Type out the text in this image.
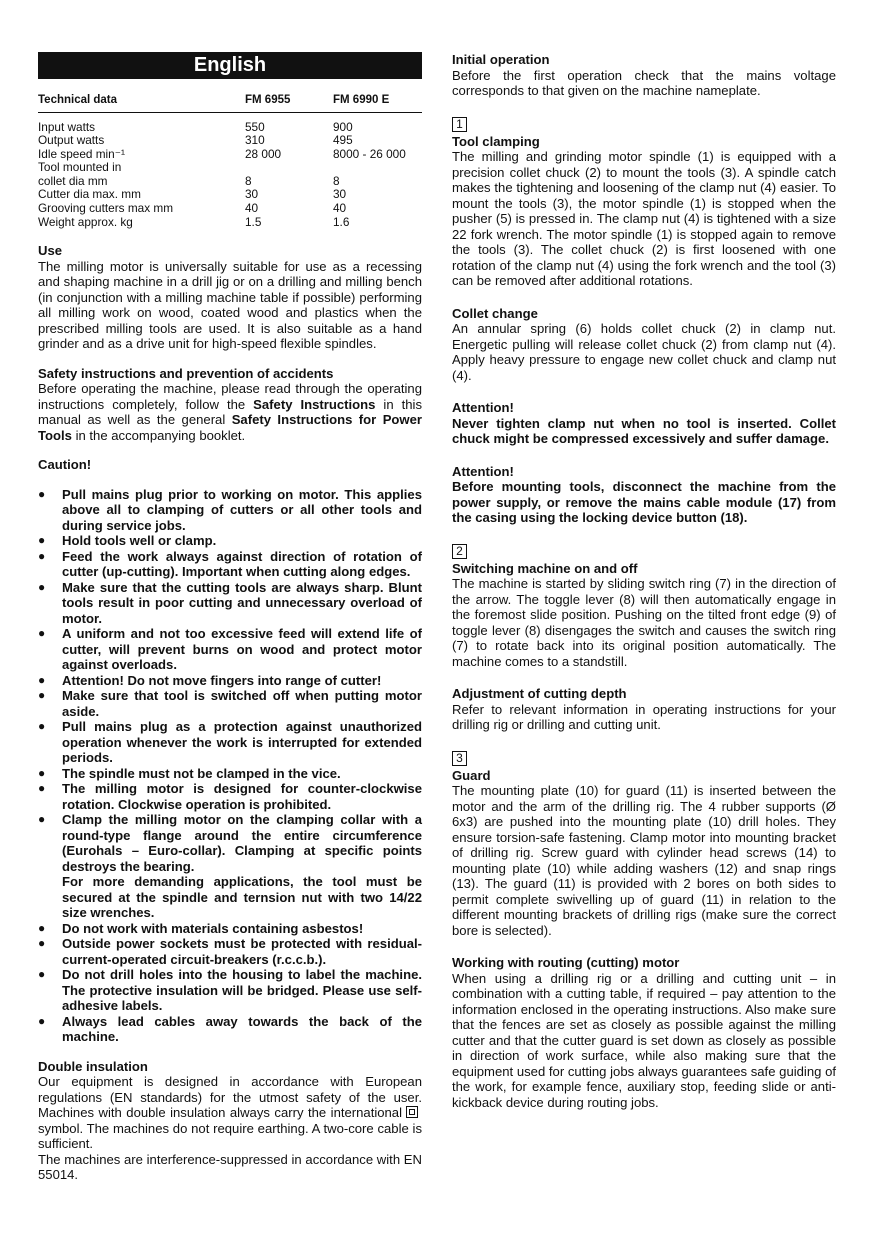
English
Technical data	FM 6955	FM 6990 E
Input watts	550	900
Output watts	310	495
Idle speed min⁻¹	28 000	8000 - 26 000
Tool mounted in
collet dia mm	8	8
Cutter dia max. mm	30	30
Grooving cutters max mm	40	40
Weight approx. kg	1.5	1.6
Use

The milling motor is universally suitable for use as a recessing and shaping machine in a drill jig or on a drilling and milling bench (in conjunction with a milling machine table if possible) performing all milling work on wood, coated wood and plastics when the prescribed milling tools are used. It is also suitable as a hand grinder and as a drive unit for high-speed flexible spindles.

Safety instructions and prevention of accidents

Before operating the machine, please read through the operating instructions completely, follow the Safety Instructions in this manual as well as the general Safety Instructions for Power Tools in the accompanying booklet.

Caution!
● Pull mains plug prior to working on motor. This applies above all to clamping of cutters or all other tools and during service jobs.
● Hold tools well or clamp.
● Feed the work always against direction of rotation of cutter (up-cutting). Important when cutting along edges.
● Make sure that the cutting tools are always sharp. Blunt tools result in poor cutting and unnecessary overload of motor.
● A uniform and not too excessive feed will extend life of cutter, will prevent burns on wood and protect motor against overloads.
● Attention! Do not move fingers into range of cutter!
● Make sure that tool is switched off when putting motor aside.
● Pull mains plug as a protection against unauthorized operation whenever the work is interrupted for extended periods.
● The spindle must not be clamped in the vice.
● The milling motor is designed for counter-clockwise rotation. Clockwise operation is prohibited.
● Clamp the milling motor on the clamping collar with a round-type flange around the entire circumference (Eurohals – Euro-collar). Clamping at specific points destroys the bearing.
For more demanding applications, the tool must be secured at the spindle and ternsion nut with two 14/22 size wrenches.
● Do not work with materials containing asbestos!
● Outside power sockets must be protected with residual-current-operated circuit-breakers (r.c.c.b.).
● Do not drill holes into the housing to label the machine. The protective insulation will be bridged. Please use self-adhesive labels.
● Always lead cables away towards the back of the machine.
Double insulation

Our equipment is designed in accordance with European regulations (EN standards) for the utmost safety of the user. Machines with double insulation always carry the internationalsymbol. The machines do not require earthing. A two-core cable is sufficient.

The machines are interference-suppressed in accordance with EN 55014.

Initial operation

Before the first operation check that the mains voltage corresponds to that given on the machine nameplate.

1
Tool clamping

The milling and grinding motor spindle (1) is equipped with a precision collet chuck (2) to mount the tools (3). A spindle catch makes the tightening and loosening of the clamp nut (4) easier. To mount the tools (3), the motor spindle (1) is stopped when the pusher (5) is pressed in. The clamp nut (4) is tightened with a size 22 fork wrench. The motor spindle (1) is stopped again to remove the tools (3). The collet chuck (2) is first loosened with one rotation of the clamp nut (4) using the fork wrench and the tool (3) can be removed after additional rotations.

Collet change

An annular spring (6) holds collet chuck (2) in clamp nut. Energetic pulling will release collet chuck (2) from clamp nut (4). Apply heavy pressure to engage new collet chuck and clamp nut (4).

Attention!

Never tighten clamp nut when no tool is inserted. Collet chuck might be compressed excessively and suffer damage.

Attention!

Before mounting tools, disconnect the machine from the power supply, or remove the mains cable module (17) from the casing using the locking device button (18).

2
Switching machine on and off

The machine is started by sliding switch ring (7) in the direction of the arrow. The toggle lever (8) will then automatically engage in the foremost slide position. Pushing on the tilted front edge (9) of toggle lever (8) disengages the switch and causes the switch ring (7) to rotate back into its original position automatically. The machine comes to a standstill.

Adjustment of cutting depth

Refer to relevant information in operating instructions for your drilling rig or drilling and cutting unit.

3
Guard

The mounting plate (10) for guard (11) is inserted between the motor and the arm of the drilling rig. The 4 rubber supports (Ø 6x3) are pushed into the mounting plate (10) drill holes. They ensure torsion-safe fastening. Clamp motor into mounting bracket of drilling rig. Screw guard with cylinder head screws (14) to mounting plate (10) while adding washers (12) and snap rings (13). The guard (11) is provided with 2 bores on both sides to permit complete swivelling up of guard (11) in relation to the different mounting brackets of drilling rigs (make sure the correct bore is selected).

Working with routing (cutting) motor

When using a drilling rig or a drilling and cutting unit – in combination with a cutting table, if required – pay attention to the information enclosed in the operating instructions. Also make sure that the fences are set as closely as possible against the milling cutter and that the cutter guard is set down as closely as possible in direction of work surface, while also making sure that the equipment used for cutting jobs always guarantees safe guiding of the work, for example fence, auxiliary stop, feeding slide or anti-kickback device during routing jobs.
